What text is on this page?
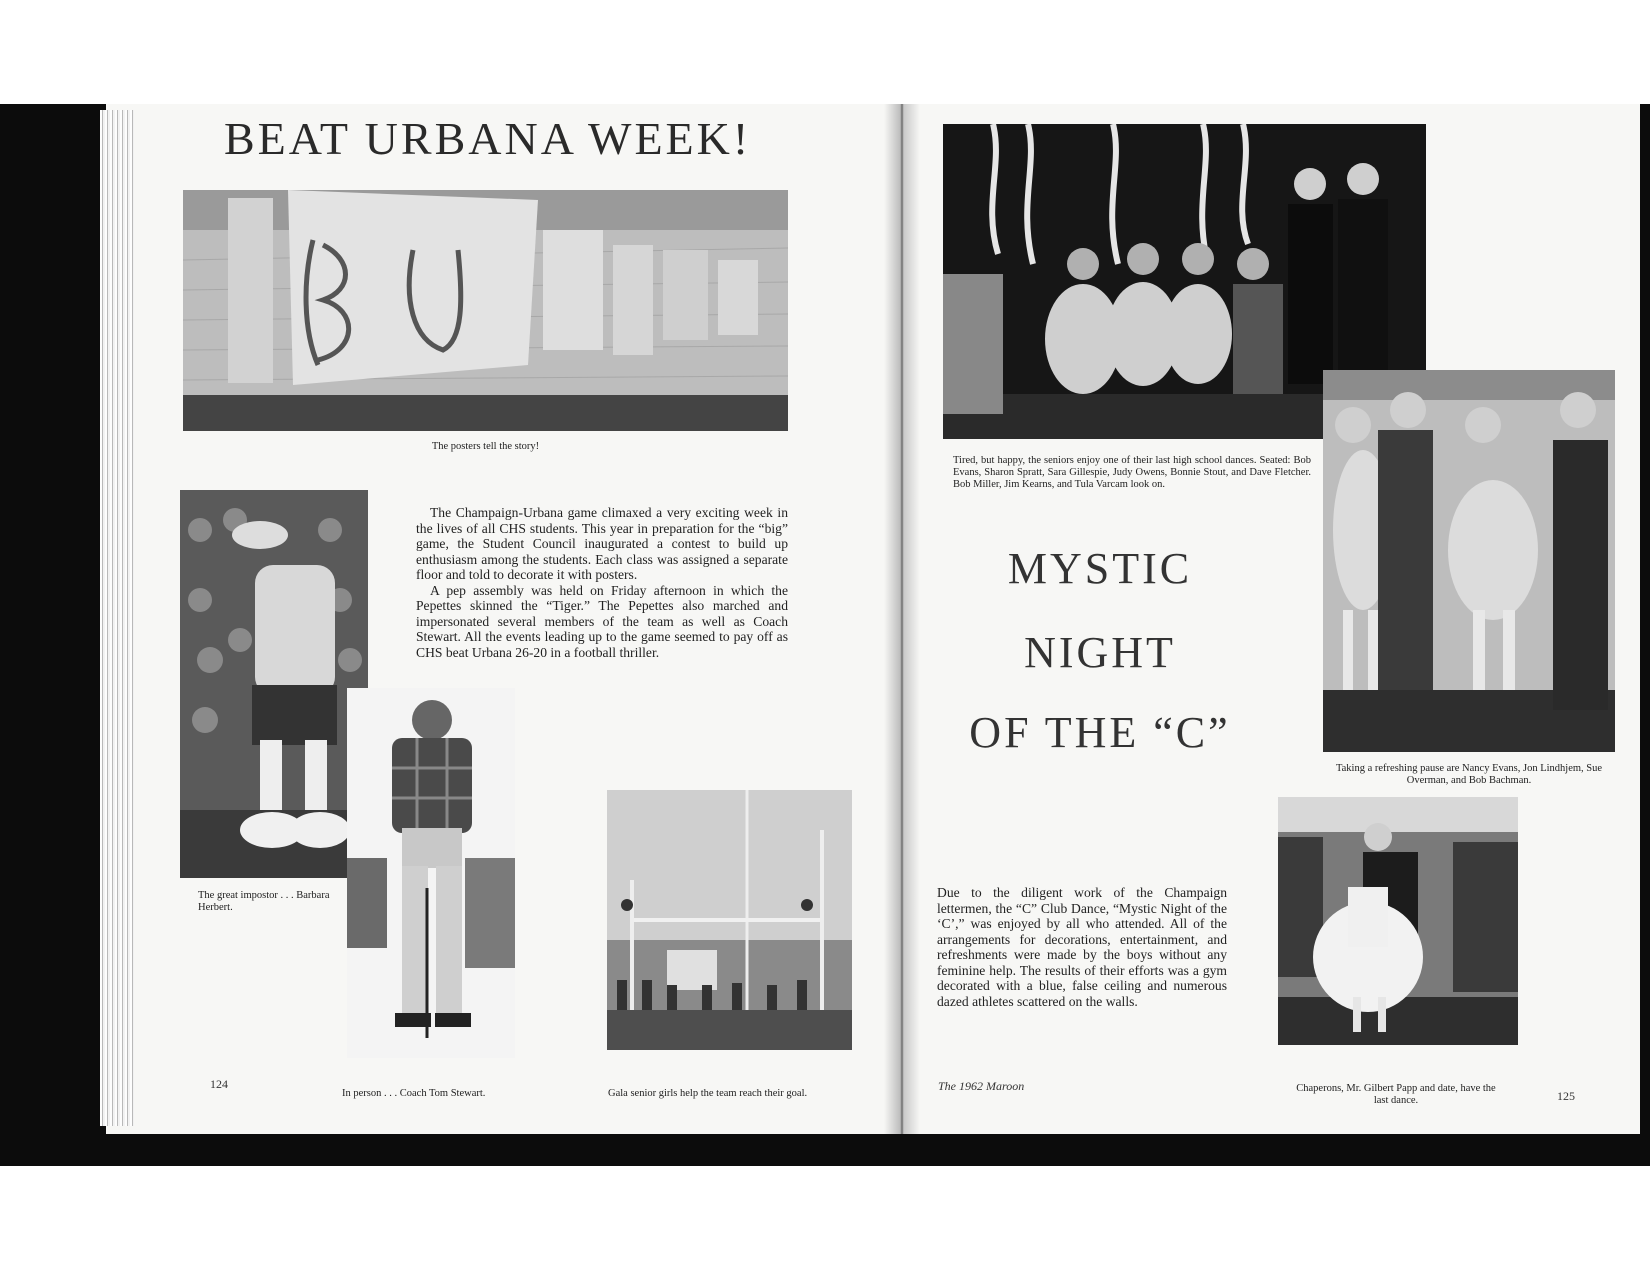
BEAT URBANA WEEK!
The posters tell the story!
The great impostor . . . Barbara Herbert.
In person . . . Coach Tom Stewart.

The Champaign-Urbana game climaxed a very exciting week in the lives of all CHS students. This year in preparation for the “big” game, the Student Council inaugurated a contest to build up enthusiasm among the students. Each class was assigned a separate floor and told to decorate it with posters.

A pep assembly was held on Friday afternoon in which the Pepettes skinned the “Tiger.” The Pepettes also marched and impersonated several members of the team as well as Coach Stewart. All the events leading up to the game seemed to pay off as CHS beat Urbana 26-20 in a football thriller.

Gala senior girls help the team reach their goal.
124
Tired, but happy, the seniors enjoy one of their last high school dances. Seated: Bob Evans, Sharon Spratt, Sara Gillespie, Judy Owens, Bonnie Stout, and Dave Fletcher. Bob Miller, Jim Kearns, and Tula Varcam look on.
Taking a refreshing pause are Nancy Evans, Jon Lindhjem, Sue Overman, and Bob Bachman.
MYSTIC
NIGHT
OF THE “C”
Due to the diligent work of the Champaign lettermen, the “C” Club Dance, “Mystic Night of the ‘C’,” was enjoyed by all who attended. All of the arrangements for decorations, entertainment, and refreshments were made by the boys without any feminine help. The results of their efforts was a gym decorated with a blue, false ceiling and numerous dazed athletes scattered on the walls.
Chaperons, Mr. Gilbert Papp and date, have the last dance.
The 1962 Maroon
125
